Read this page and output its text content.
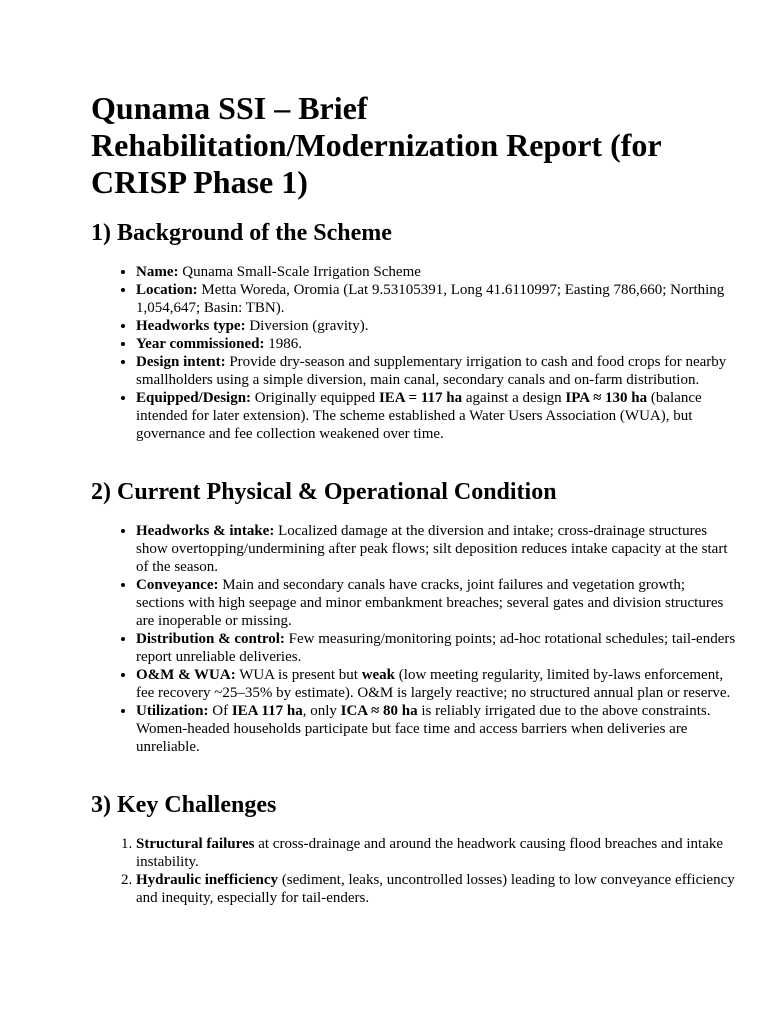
Qunama SSI – Brief Rehabilitation/Modernization Report (for CRISP Phase 1)
1) Background of the Scheme
• Name: Qunama Small-Scale Irrigation Scheme
• Location: Metta Woreda, Oromia (Lat 9.53105391, Long 41.6110997; Easting 786,660; Northing 1,054,647; Basin: TBN).
• Headworks type: Diversion (gravity).
• Year commissioned: 1986.
• Design intent: Provide dry-season and supplementary irrigation to cash and food crops for nearby smallholders using a simple diversion, main canal, secondary canals and on-farm distribution.
• Equipped/Design: Originally equipped IEA = 117 ha against a design IPA ≈ 130 ha (balance intended for later extension). The scheme established a Water Users Association (WUA), but governance and fee collection weakened over time.
2) Current Physical & Operational Condition
• Headworks & intake: Localized damage at the diversion and intake; cross-drainage structures show overtopping/undermining after peak flows; silt deposition reduces intake capacity at the start of the season.
• Conveyance: Main and secondary canals have cracks, joint failures and vegetation growth; sections with high seepage and minor embankment breaches; several gates and division structures are inoperable or missing.
• Distribution & control: Few measuring/monitoring points; ad-hoc rotational schedules; tail-enders report unreliable deliveries.
• O&M & WUA: WUA is present but weak (low meeting regularity, limited by-laws enforcement, fee recovery ~25–35% by estimate). O&M is largely reactive; no structured annual plan or reserve.
• Utilization: Of IEA 117 ha, only ICA ≈ 80 ha is reliably irrigated due to the above constraints. Women-headed households participate but face time and access barriers when deliveries are unreliable.
3) Key Challenges
1. Structural failures at cross-drainage and around the headwork causing flood breaches and intake instability.
2. Hydraulic inefficiency (sediment, leaks, uncontrolled losses) leading to low conveyance efficiency and inequity, especially for tail-enders.
